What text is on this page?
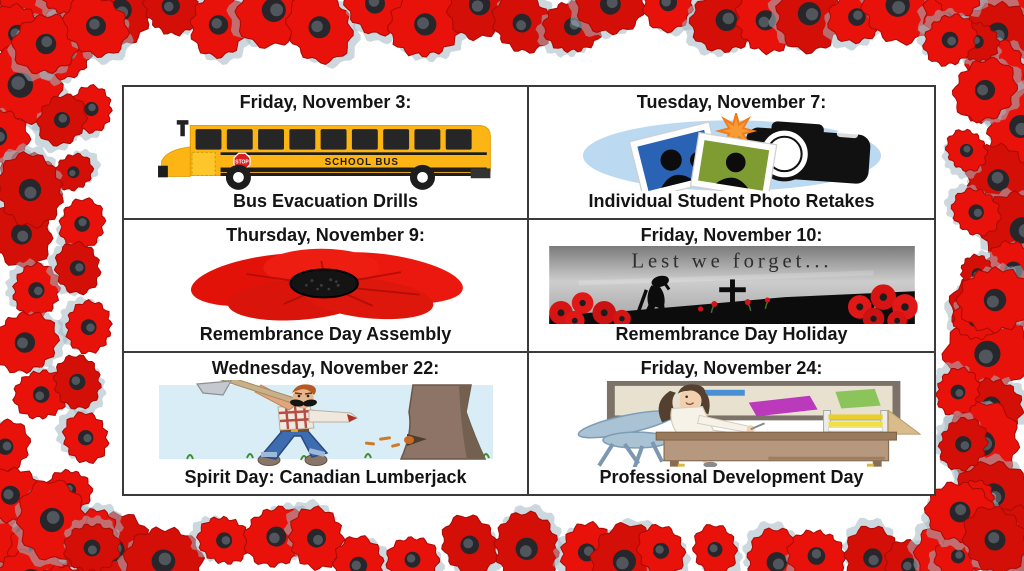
Friday, November 3:
STOP	SCHOOL BUS
Bus Evacuation Drills
Tuesday, November 7:
Individual Student Photo Retakes
Thursday, November 9:
Remembrance Day Assembly
Friday, November 10:
Lest we forget...
Remembrance Day Holiday
Wednesday, November 22:
Spirit Day: Canadian Lumberjack
Friday, November 24:
Professional Development Day
